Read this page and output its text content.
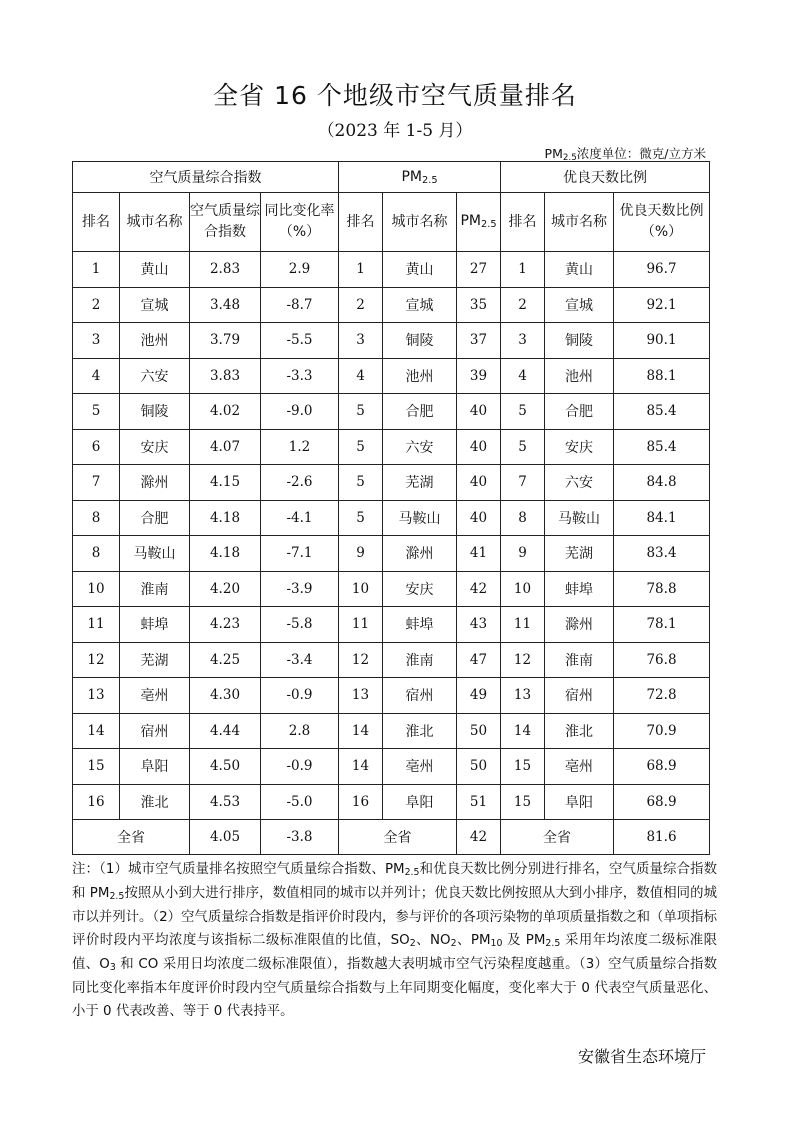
全省 16 个地级市空气质量排名
（2023 年 1-5 月）
$PM_{2.5}$浓度单位：微克/立方米
空气质量综合指数				$PM_{2.5}$			优良天数比例		
排名	城市名称	空气质量综合指数	同比变化率（%）	排名	城市名称	$PM_{2.5}$	排名	城市名称	优良天数比例（%）
1	黄山	2.83	2.9	1	黄山	27	1	黄山	96.7
2	宣城	3.48	-8.7	2	宣城	35	2	宣城	92.1
3	池州	3.79	-5.5	3	铜陵	37	3	铜陵	90.1
4	六安	3.83	-3.3	4	池州	39	4	池州	88.1
5	铜陵	4.02	-9.0	5	合肥	40	5	合肥	85.4
6	安庆	4.07	1.2	5	六安	40	5	安庆	85.4
7	滁州	4.15	-2.6	5	芜湖	40	7	六安	84.8
8	合肥	4.18	-4.1	5	马鞍山	40	8	马鞍山	84.1
8	马鞍山	4.18	-7.1	9	滁州	41	9	芜湖	83.4
10	淮南	4.20	-3.9	10	安庆	42	10	蚌埠	78.8
11	蚌埠	4.23	-5.8	11	蚌埠	43	11	滁州	78.1
12	芜湖	4.25	-3.4	12	淮南	47	12	淮南	76.8
13	亳州	4.30	-0.9	13	宿州	49	13	宿州	72.8
14	宿州	4.44	2.8	14	淮北	50	14	淮北	70.9
15	阜阳	4.50	-0.9	14	亳州	50	15	亳州	68.9
16	淮北	4.53	-5.0	16	阜阳	51	15	阜阳	68.9
全省		4.05	-3.8	全省		42	全省		81.6
注：（1）城市空气质量排名按照空气质量综合指数、$PM_{2.5}$和优良天数比例分别进行排名，空气质量综合指数和 $PM_{2.5}$按照从小到大进行排序，数值相同的城市以并列计；优良天数比例按照从大到小排序，数值相同的城市以并列计。（2）空气质量综合指数是指评价时段内，参与评价的各项污染物的单项质量指数之和（单项指标评价时段内平均浓度与该指标二级标准限值的比值，$SO_2$、$NO_2$、$PM_{10}$ 及 $PM_{2.5}$ 采用年均浓度二级标准限值、$O_3$ 和 CO 采用日均浓度二级标准限值），指数越大表明城市空气污染程度越重。（3）空气质量综合指数同比变化率指本年度评价时段内空气质量综合指数与上年同期变化幅度，变化率大于 0 代表空气质量恶化、小于 0 代表改善、等于 0 代表持平。
安徽省生态环境厅
